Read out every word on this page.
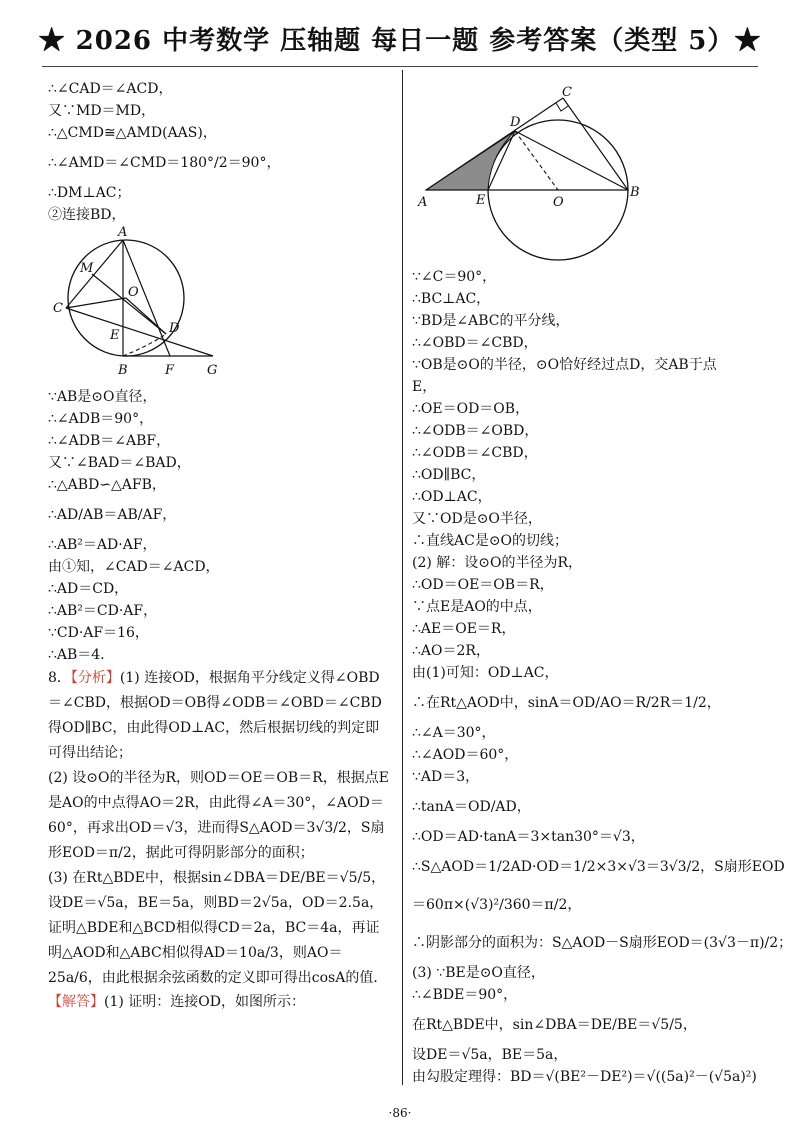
★ 2026 中考数学 压轴题 每日一题 参考答案（类型 5）★
∴∠CAD＝∠ACD，
又∵MD＝MD，
∴△CMD≅△AMD(AAS)，
∴∠AMD＝∠CMD＝180°/2＝90°，
∴DM⊥AC；
②连接BD，
A
M
O
C
E	D
B	F	G
∵AB是⊙O直径，
∴∠ADB＝90°，
∴∠ADB＝∠ABF，
又∵∠BAD＝∠BAD，
∴△ABD∽△AFB，
∴AD/AB＝AB/AF，
∴AB²＝AD·AF，
由①知，∠CAD＝∠ACD，
∴AD＝CD，
∴AB²＝CD·AF，
∵CD·AF＝16，
∴AB＝4．
8．【分析】(1) 连接OD，根据角平分线定义得∠OBD＝∠CBD，根据OD＝OB得∠ODB＝∠OBD＝∠CBD得OD∥BC，由此得OD⊥AC，然后根据切线的判定即可得出结论；
(2) 设⊙O的半径为R，则OD＝OE＝OB＝R，根据点E是AO的中点得AO＝2R，由此得∠A＝30°，∠AOD＝60°，再求出OD＝√3，进而得S△AOD＝3√3/2，S扇形EOD＝π/2，据此可得阴影部分的面积；
(3) 在Rt△BDE中，根据sin∠DBA＝DE/BE＝√5/5，设DE＝√5a，BE＝5a，则BD＝2√5a，OD＝2.5a，证明△BDE和△BCD相似得CD＝2a，BC＝4a，再证明△AOD和△ABC相似得AD＝10a/3，则AO＝25a/6，由此根据余弦函数的定义即可得出cosA的值．
【解答】(1) 证明：连接OD，如图所示：
C
D
A	E	O
B
∵∠C＝90°，
∴BC⊥AC，
∵BD是∠ABC的平分线，
∴∠OBD＝∠CBD，
∵OB是⊙O的半径，⊙O恰好经过点D，交AB于点
E，
∴OE＝OD＝OB，
∴∠ODB＝∠OBD，
∴∠ODB＝∠CBD，
∴OD∥BC，
∴OD⊥AC，
又∵OD是⊙O半径，
∴直线AC是⊙O的切线；
(2) 解：设⊙O的半径为R，
∴OD＝OE＝OB＝R，
∵点E是AO的中点，
∴AE＝OE＝R，
∴AO＝2R，
由(1)可知：OD⊥AC，
∴在Rt△AOD中，sinA＝OD/AO＝R/2R＝1/2，
∴∠A＝30°，
∴∠AOD＝60°，
∵AD＝3，
∴tanA＝OD/AD，
∴OD＝AD·tanA＝3×tan30°＝√3，
∴S△AOD＝1/2AD·OD＝1/2×3×√3＝3√3/2，S扇形EOD
＝60π×(√3)²/360＝π/2，
∴阴影部分的面积为：S△AOD－S扇形EOD＝(3√3－π)/2；
(3) ∵BE是⊙O直径，
∴∠BDE＝90°，
在Rt△BDE中，sin∠DBA＝DE/BE＝√5/5，
设DE＝√5a，BE＝5a，
由勾股定理得：BD＝√(BE²－DE²)＝√((5a)²－(√5a)²)
·86·
